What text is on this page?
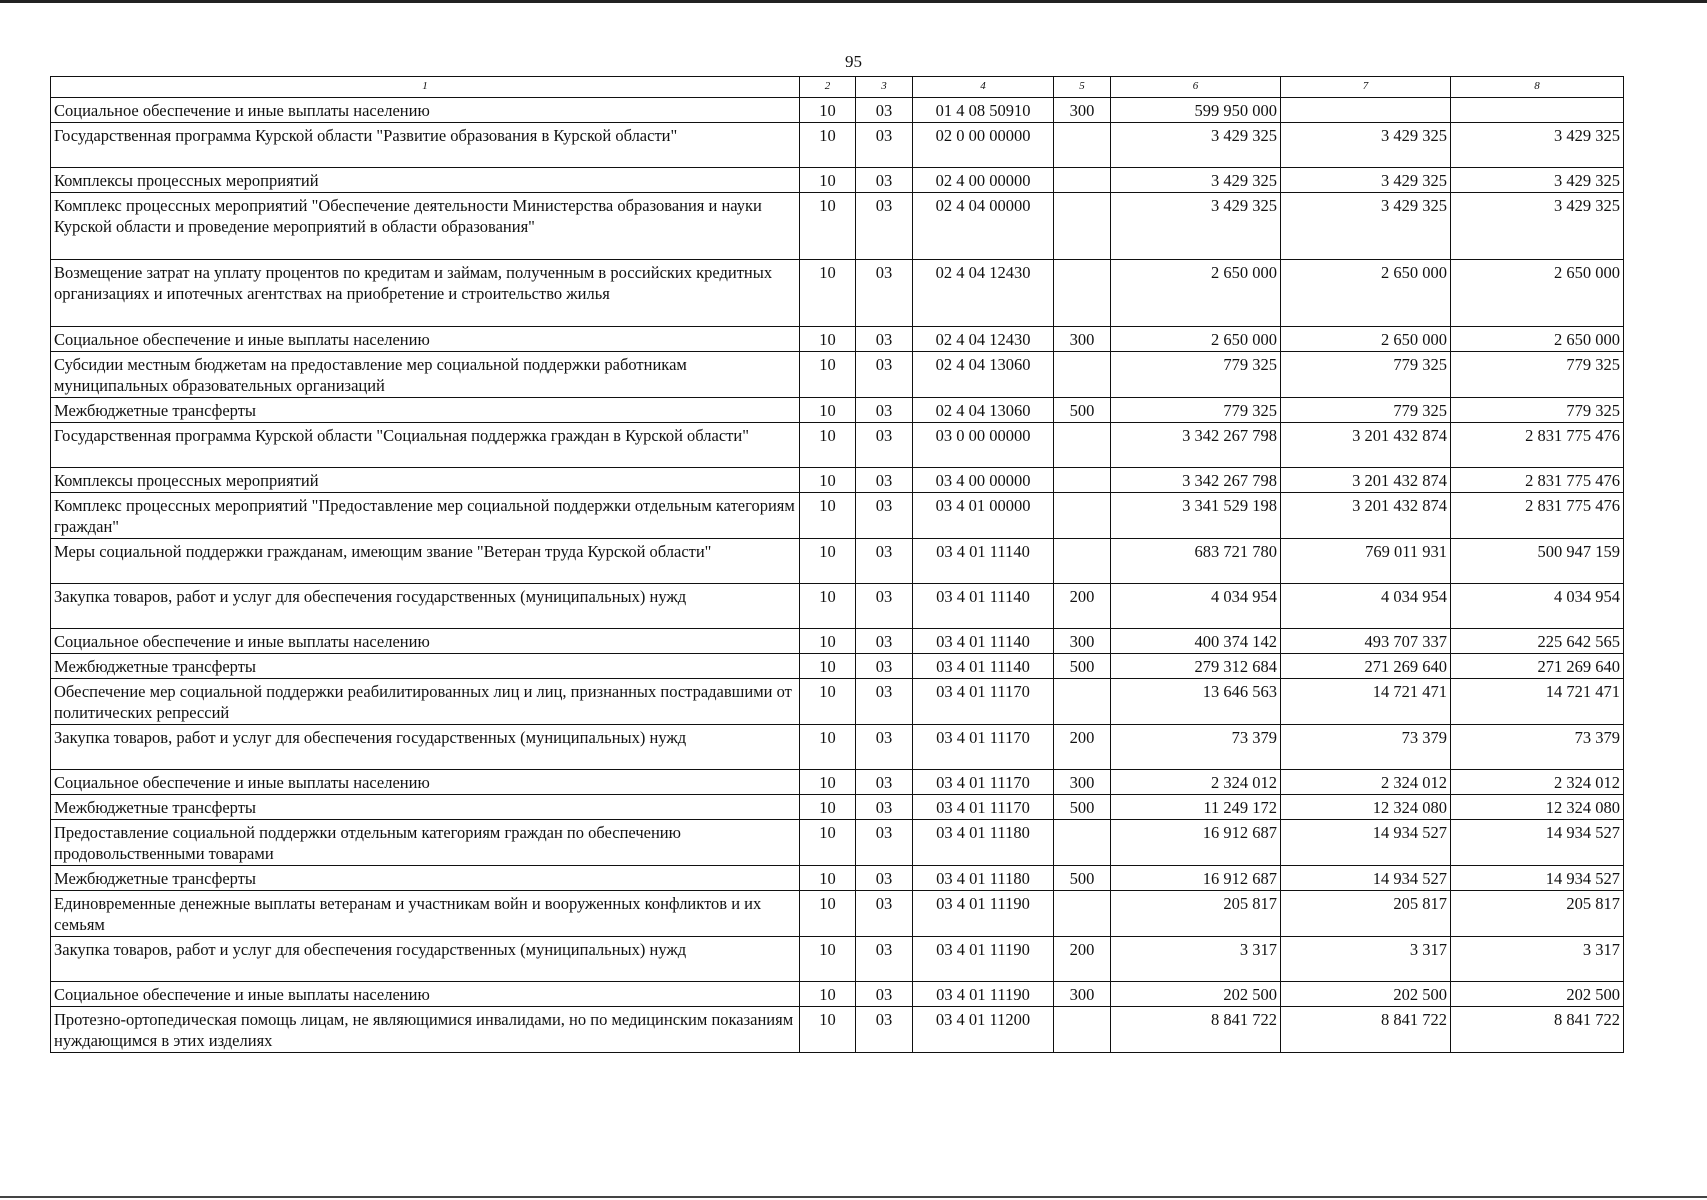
95
1	2	3	4	5	6	7	8
Социальное обеспечение и иные выплаты населению	10	03	01 4 08 50910	300	599 950 000		
Государственная программа Курской области "Развитие образования в Курской области"	10	03	02 0 00 00000		3 429 325	3 429 325	3 429 325
Комплексы процессных мероприятий	10	03	02 4 00 00000		3 429 325	3 429 325	3 429 325
Комплекс процессных мероприятий "Обеспечение деятельности Министерства образования и науки Курской области и проведение мероприятий в области образования"	10	03	02 4 04 00000		3 429 325	3 429 325	3 429 325
Возмещение затрат на уплату процентов по кредитам и займам, полученным в российских кредитных организациях и ипотечных агентствах на приобретение и строительство жилья	10	03	02 4 04 12430		2 650 000	2 650 000	2 650 000
Социальное обеспечение и иные выплаты населению	10	03	02 4 04 12430	300	2 650 000	2 650 000	2 650 000
Субсидии местным бюджетам на предоставление мер социальной поддержки работникам муниципальных образовательных организаций	10	03	02 4 04 13060		779 325	779 325	779 325
Межбюджетные трансферты	10	03	02 4 04 13060	500	779 325	779 325	779 325
Государственная программа Курской области "Социальная поддержка граждан в Курской области"	10	03	03 0 00 00000		3 342 267 798	3 201 432 874	2 831 775 476
Комплексы процессных мероприятий	10	03	03 4 00 00000		3 342 267 798	3 201 432 874	2 831 775 476
Комплекс процессных мероприятий "Предоставление мер социальной поддержки отдельным категориям граждан"	10	03	03 4 01 00000		3 341 529 198	3 201 432 874	2 831 775 476
Меры социальной поддержки гражданам, имеющим звание "Ветеран труда Курской области"	10	03	03 4 01 11140		683 721 780	769 011 931	500 947 159
Закупка товаров, работ и услуг для обеспечения государственных (муниципальных) нужд	10	03	03 4 01 11140	200	4 034 954	4 034 954	4 034 954
Социальное обеспечение и иные выплаты населению	10	03	03 4 01 11140	300	400 374 142	493 707 337	225 642 565
Межбюджетные трансферты	10	03	03 4 01 11140	500	279 312 684	271 269 640	271 269 640
Обеспечение мер социальной поддержки реабилитированных лиц и лиц, признанных пострадавшими от политических репрессий	10	03	03 4 01 11170		13 646 563	14 721 471	14 721 471
Закупка товаров, работ и услуг для обеспечения государственных (муниципальных) нужд	10	03	03 4 01 11170	200	73 379	73 379	73 379
Социальное обеспечение и иные выплаты населению	10	03	03 4 01 11170	300	2 324 012	2 324 012	2 324 012
Межбюджетные трансферты	10	03	03 4 01 11170	500	11 249 172	12 324 080	12 324 080
Предоставление социальной поддержки отдельным категориям граждан по обеспечению продовольственными товарами	10	03	03 4 01 11180		16 912 687	14 934 527	14 934 527
Межбюджетные трансферты	10	03	03 4 01 11180	500	16 912 687	14 934 527	14 934 527
Единовременные денежные выплаты ветеранам и участникам войн и вооруженных конфликтов и их семьям	10	03	03 4 01 11190		205 817	205 817	205 817
Закупка товаров, работ и услуг для обеспечения государственных (муниципальных) нужд	10	03	03 4 01 11190	200	3 317	3 317	3 317
Социальное обеспечение и иные выплаты населению	10	03	03 4 01 11190	300	202 500	202 500	202 500
Протезно-ортопедическая помощь лицам, не являющимися инвалидами, но по медицинским показаниям нуждающимся в этих изделиях	10	03	03 4 01 11200		8 841 722	8 841 722	8 841 722
